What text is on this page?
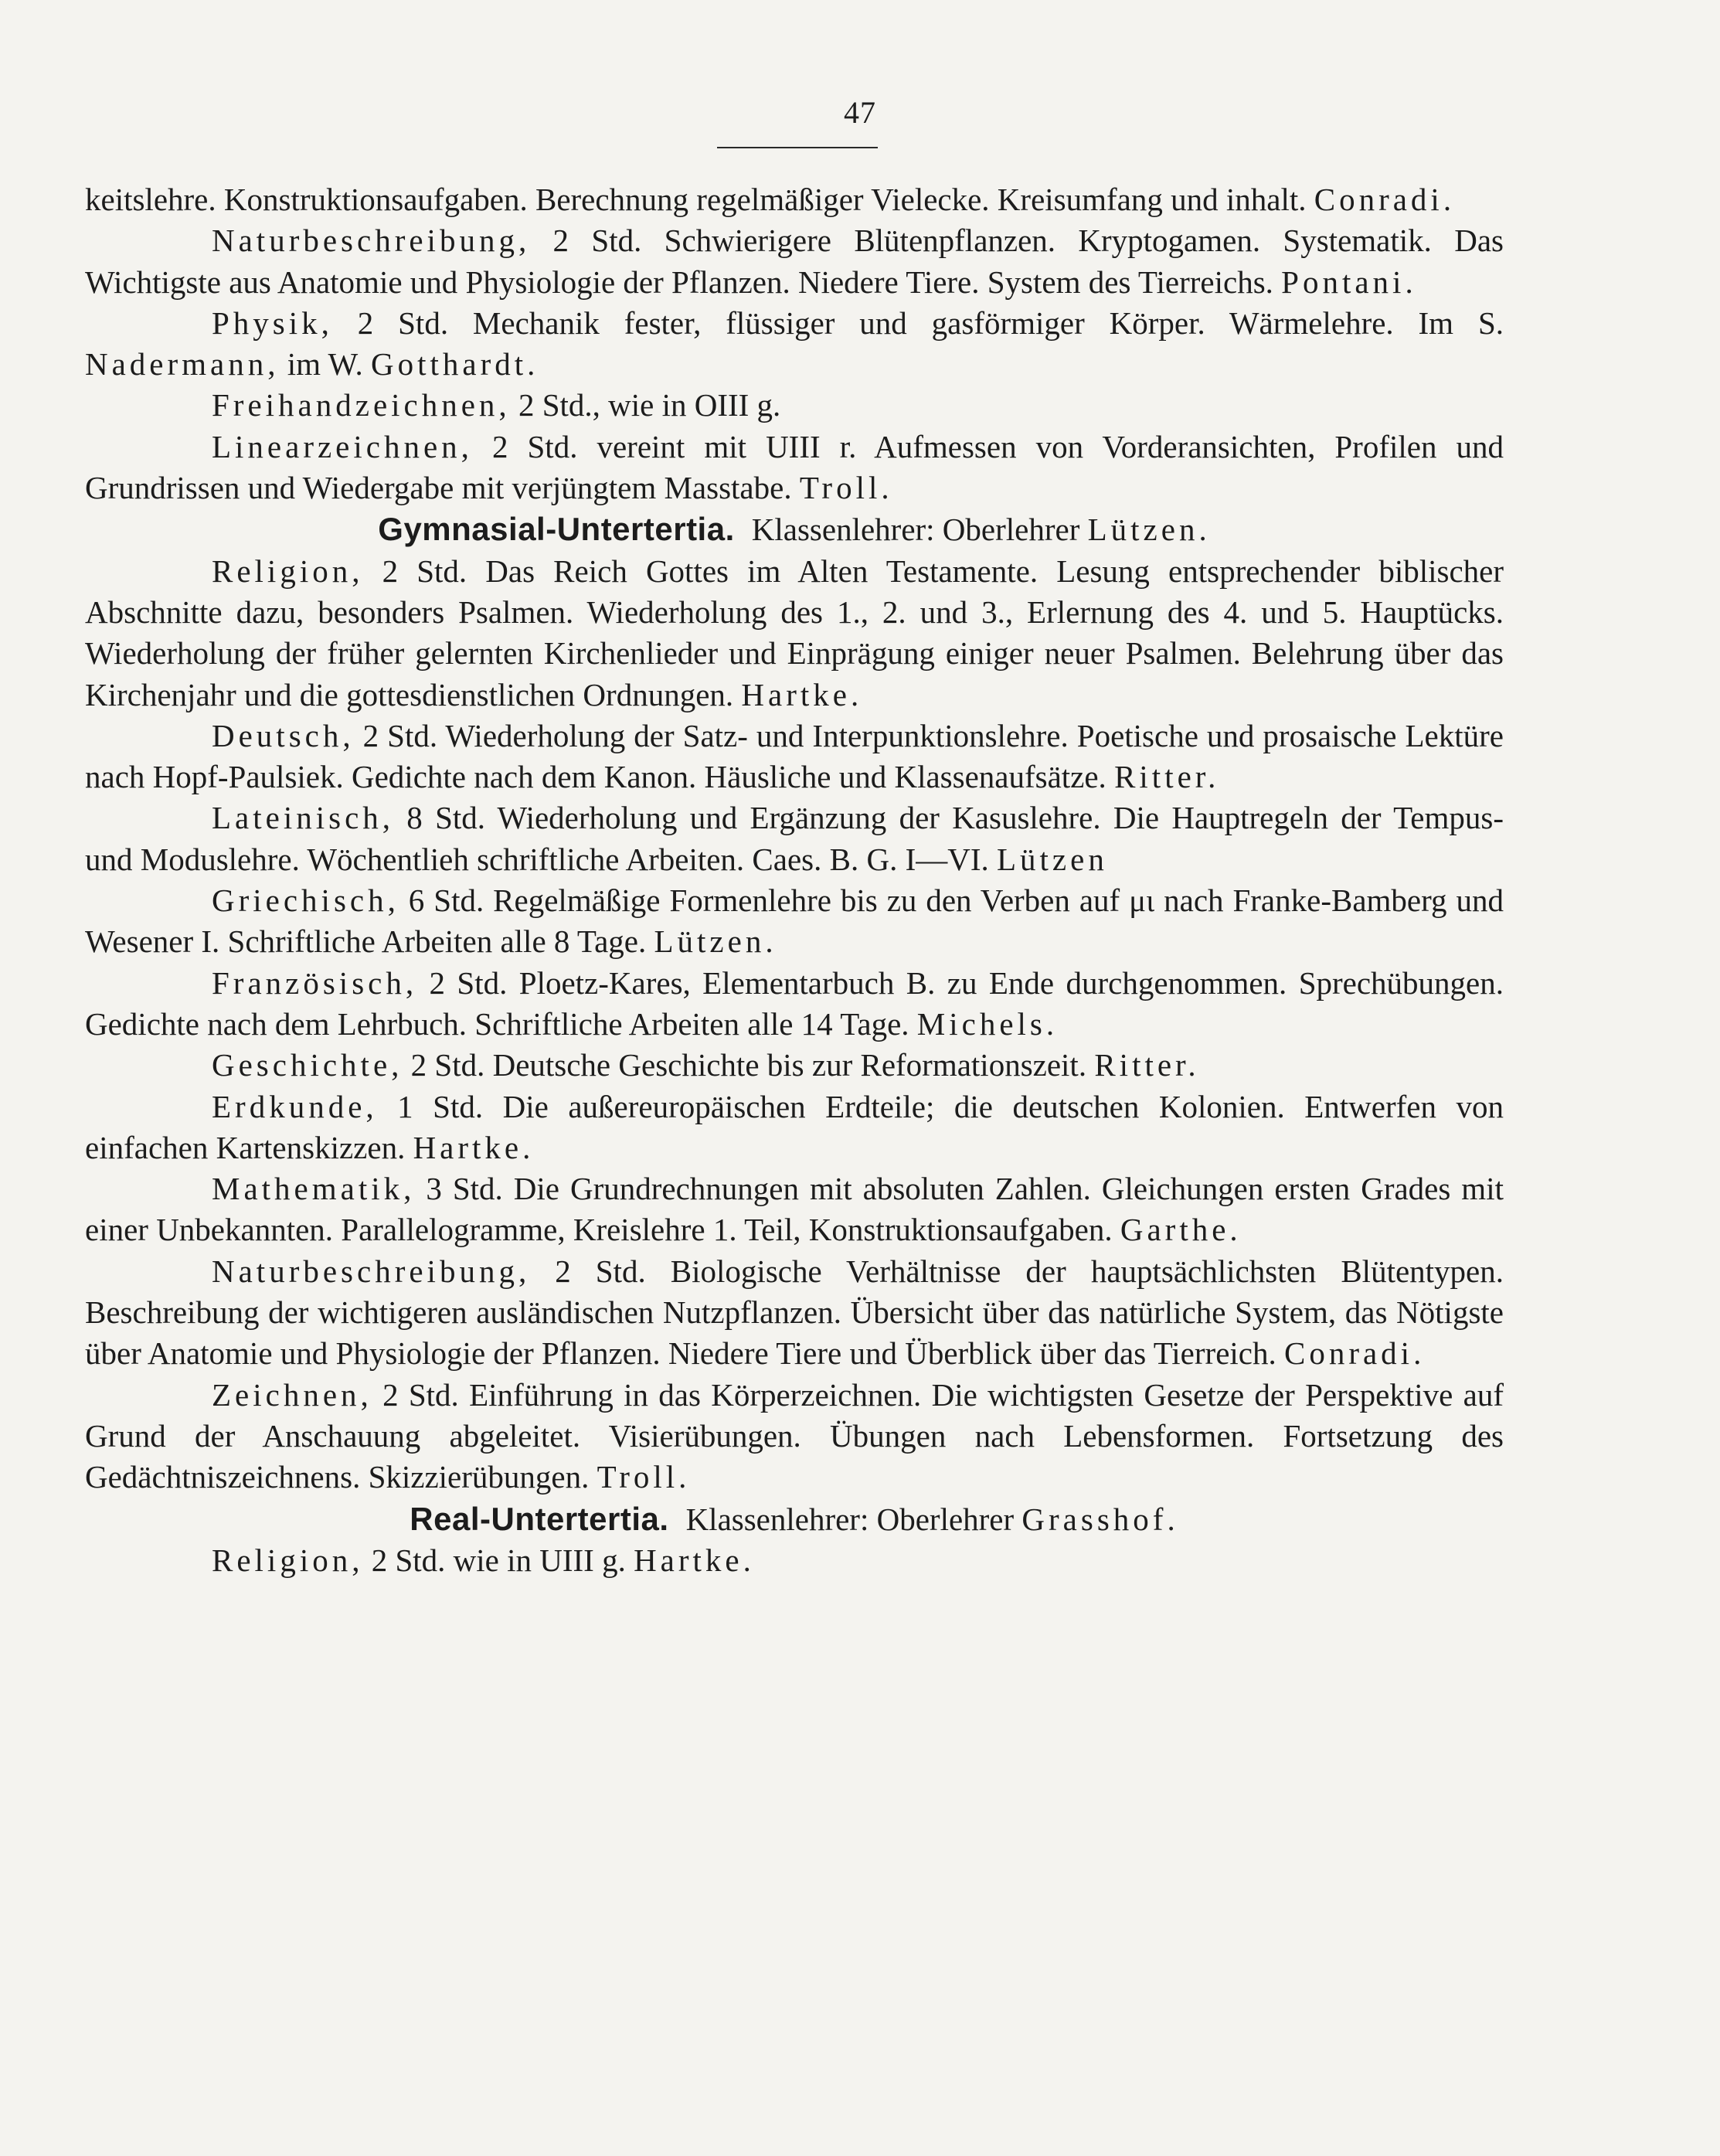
47

keitslehre. Konstruktionsaufgaben. Berechnung regelmäßiger Vielecke. Kreisumfang und inhalt. Conradi.

Naturbeschreibung, 2 Std. Schwierigere Blütenpflanzen. Kryptogamen. Systematik. Das Wichtigste aus Anatomie und Physiologie der Pflanzen. Niedere Tiere. System des Tierreichs. Pontani.

Physik, 2 Std. Mechanik fester, flüssiger und gasförmiger Körper. Wärmelehre. Im S. Nadermann, im W. Gotthardt.

Freihandzeichnen, 2 Std., wie in OIII g.

Linearzeichnen, 2 Std. vereint mit UIII r. Aufmessen von Vorderansichten, Profilen und Grundrissen und Wiedergabe mit verjüngtem Masstabe. Troll.

Gymnasial-Untertertia. Klassenlehrer: Oberlehrer Lützen.

Religion, 2 Std. Das Reich Gottes im Alten Testamente. Lesung entsprechender biblischer Abschnitte dazu, besonders Psalmen. Wiederholung des 1., 2. und 3., Erlernung des 4. und 5. Hauptücks. Wiederholung der früher gelernten Kirchenlieder und Einprägung einiger neuer Psalmen. Belehrung über das Kirchenjahr und die gottesdienstlichen Ordnungen. Hartke.

Deutsch, 2 Std. Wiederholung der Satz- und Interpunktionslehre. Poetische und prosaische Lektüre nach Hopf-Paulsiek. Gedichte nach dem Kanon. Häusliche und Klassenaufsätze. Ritter.

Lateinisch, 8 Std. Wiederholung und Ergänzung der Kasuslehre. Die Hauptregeln der Tempus- und Moduslehre. Wöchentlieh schriftliche Arbeiten. Caes. B. G. I—VI. Lützen

Griechisch, 6 Std. Regelmäßige Formenlehre bis zu den Verben auf μι nach Franke-Bamberg und Wesener I. Schriftliche Arbeiten alle 8 Tage. Lützen.

Französisch, 2 Std. Ploetz-Kares, Elementarbuch B. zu Ende durchgenommen. Sprechübungen. Gedichte nach dem Lehrbuch. Schriftliche Arbeiten alle 14 Tage. Michels.

Geschichte, 2 Std. Deutsche Geschichte bis zur Reformationszeit. Ritter.

Erdkunde, 1 Std. Die außereuropäischen Erdteile; die deutschen Kolonien. Entwerfen von einfachen Kartenskizzen. Hartke.

Mathematik, 3 Std. Die Grundrechnungen mit absoluten Zahlen. Gleichungen ersten Grades mit einer Unbekannten. Parallelogramme, Kreislehre 1. Teil, Konstruktionsaufgaben. Garthe.

Naturbeschreibung, 2 Std. Biologische Verhältnisse der hauptsächlichsten Blütentypen. Beschreibung der wichtigeren ausländischen Nutzpflanzen. Übersicht über das natürliche System, das Nötigste über Anatomie und Physiologie der Pflanzen. Niedere Tiere und Überblick über das Tierreich. Conradi.

Zeichnen, 2 Std. Einführung in das Körperzeichnen. Die wichtigsten Gesetze der Perspektive auf Grund der Anschauung abgeleitet. Visierübungen. Übungen nach Lebensformen. Fortsetzung des Gedächtniszeichnens. Skizzierübungen. Troll.

Real-Untertertia. Klassenlehrer: Oberlehrer Grasshof.

Religion, 2 Std. wie in UIII g. Hartke.
